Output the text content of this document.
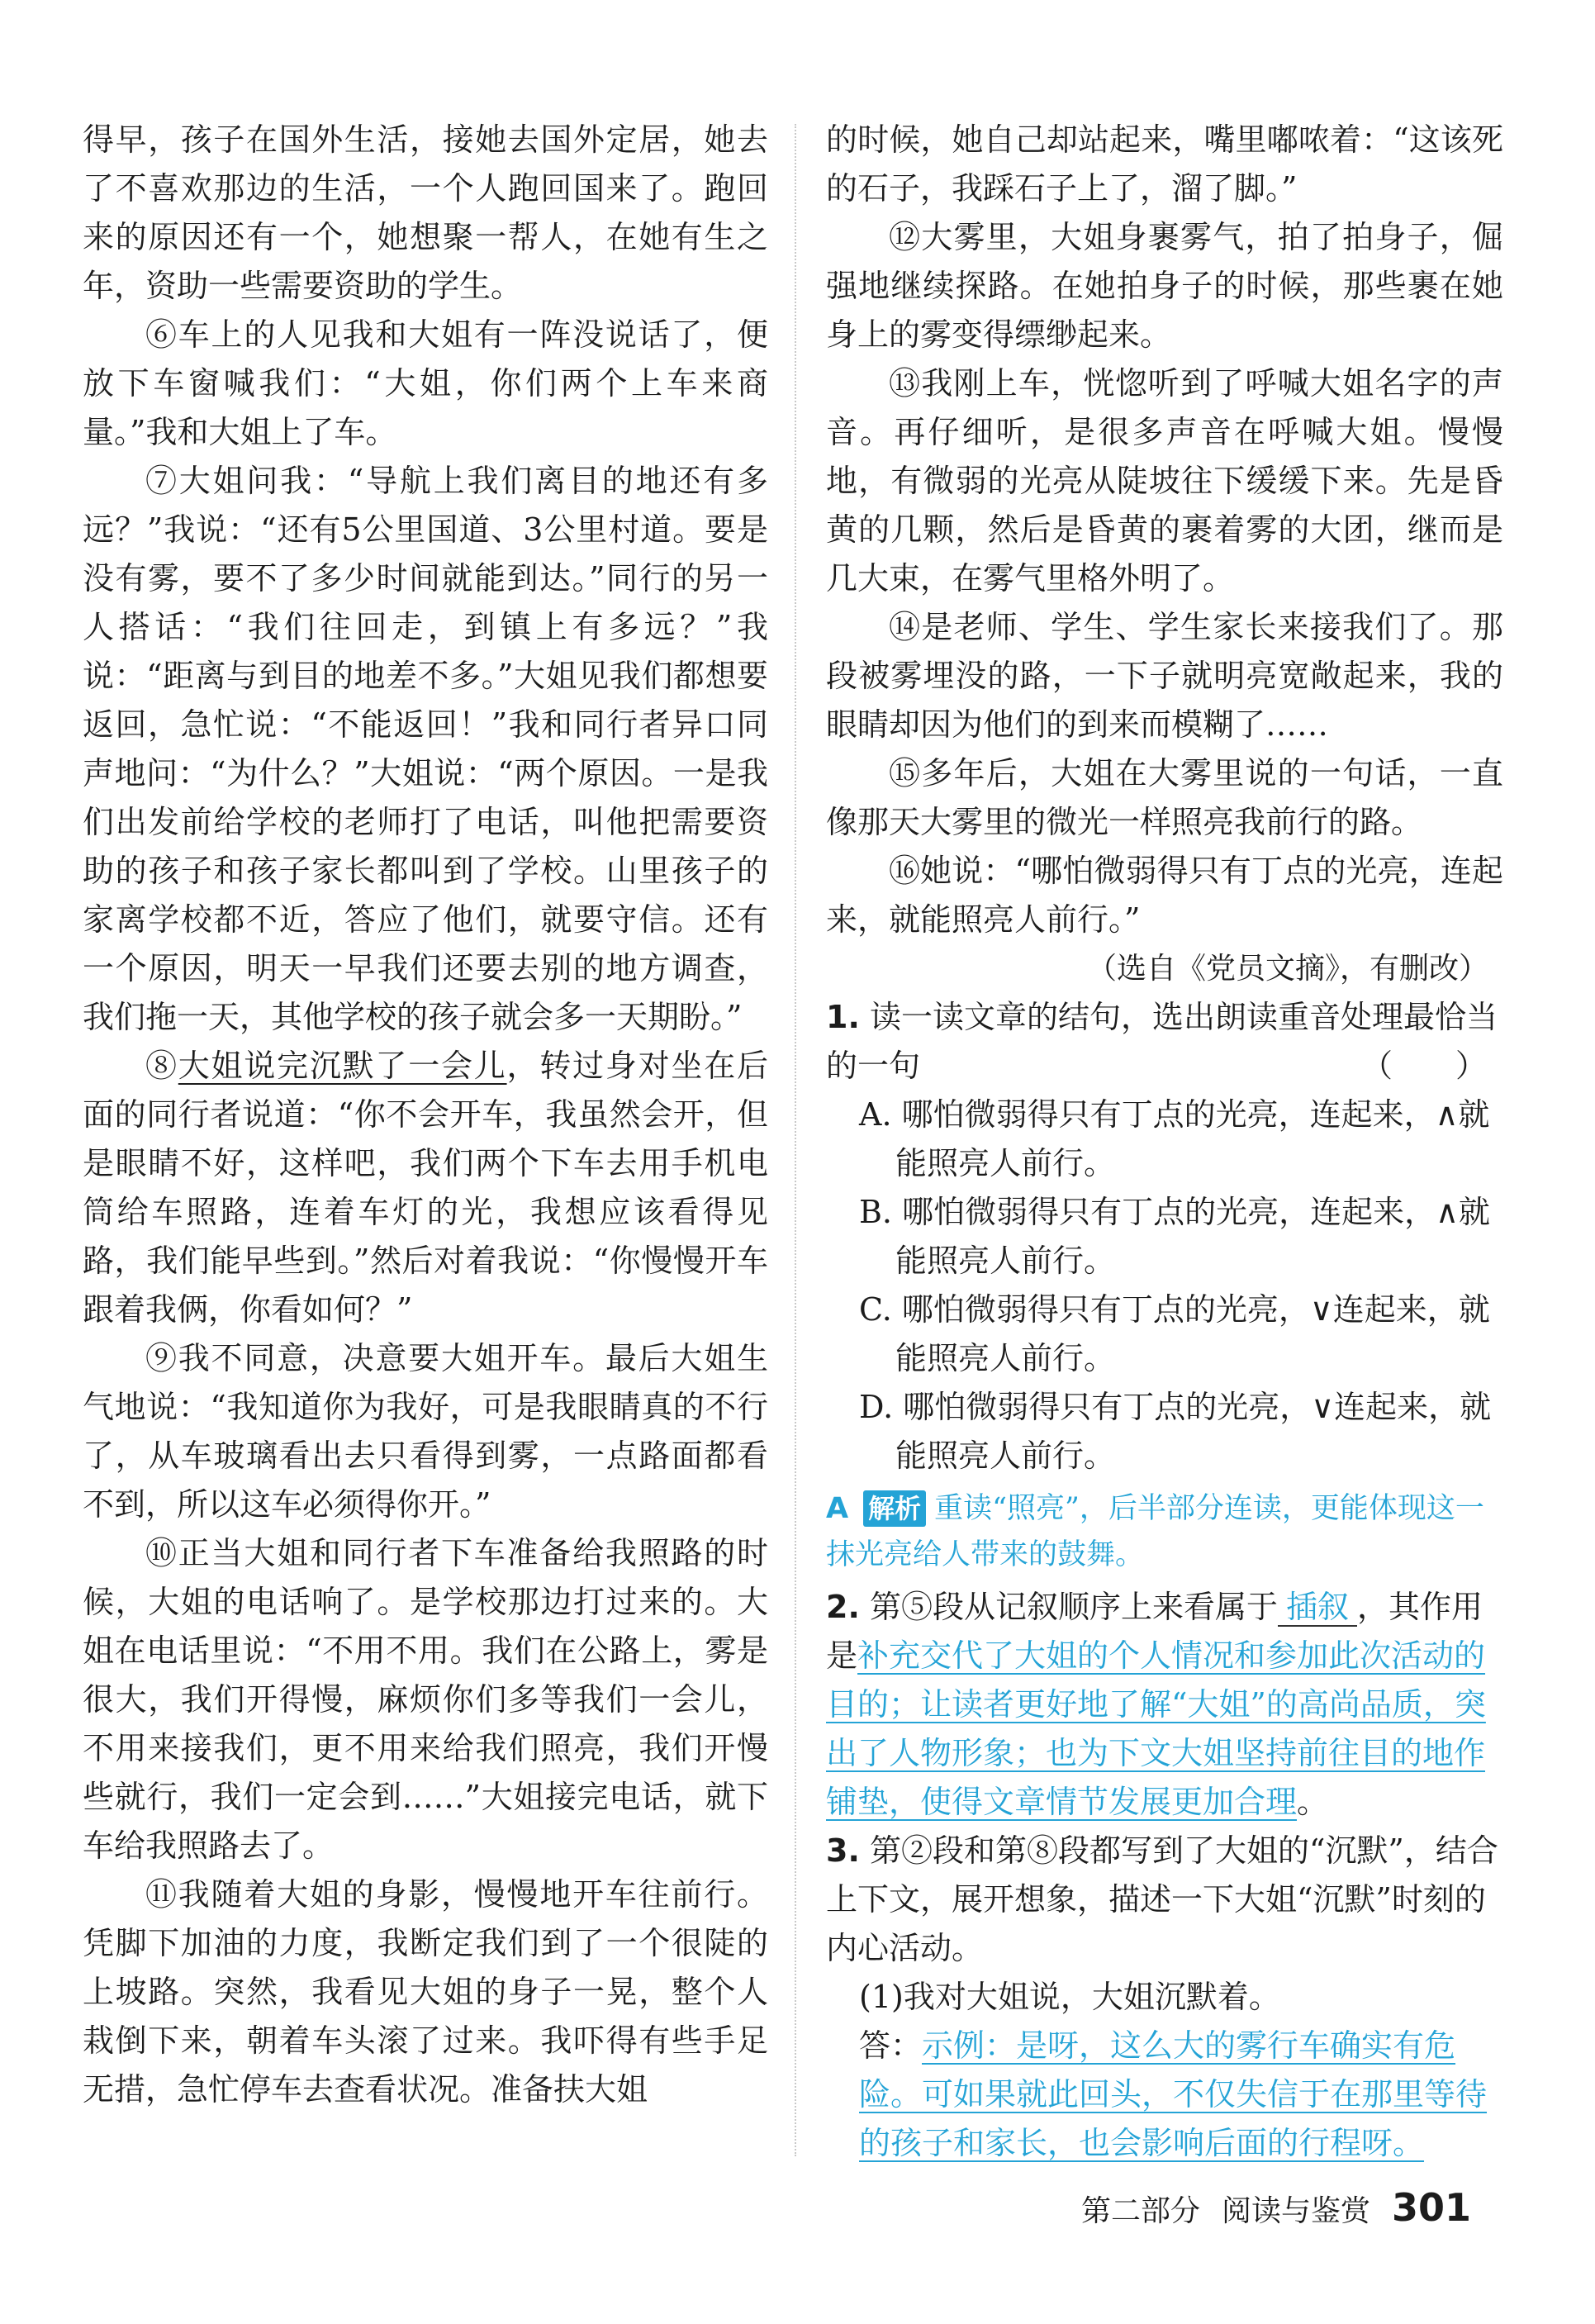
得早，孩子在国外生活，接她去国外定居，她去了不喜欢那边的生活，一个人跑回国来了。跑回来的原因还有一个，她想聚一帮人，在她有生之年，资助一些需要资助的学生。

⑥车上的人见我和大姐有一阵没说话了，便放下车窗喊我们：“大姐，你们两个上车来商量。”我和大姐上了车。

⑦大姐问我：“导航上我们离目的地还有多远？”我说：“还有5公里国道、3公里村道。要是没有雾，要不了多少时间就能到达。”同行的另一人搭话：“我们往回走，到镇上有多远？”我说：“距离与到目的地差不多。”大姐见我们都想要返回，急忙说：“不能返回！”我和同行者异口同声地问：“为什么？”大姐说：“两个原因。一是我们出发前给学校的老师打了电话，叫他把需要资助的孩子和孩子家长都叫到了学校。山里孩子的家离学校都不近，答应了他们，就要守信。还有一个原因，明天一早我们还要去别的地方调查，我们拖一天，其他学校的孩子就会多一天期盼。”

⑧大姐说完沉默了一会儿，转过身对坐在后面的同行者说道：“你不会开车，我虽然会开，但是眼睛不好，这样吧，我们两个下车去用手机电筒给车照路，连着车灯的光，我想应该看得见路，我们能早些到。”然后对着我说：“你慢慢开车跟着我俩，你看如何？”

⑨我不同意，决意要大姐开车。最后大姐生气地说：“我知道你为我好，可是我眼睛真的不行了，从车玻璃看出去只看得到雾，一点路面都看不到，所以这车必须得你开。”

⑩正当大姐和同行者下车准备给我照路的时候，大姐的电话响了。是学校那边打过来的。大姐在电话里说：“不用不用。我们在公路上，雾是很大，我们开得慢，麻烦你们多等我们一会儿，不用来接我们，更不用来给我们照亮，我们开慢些就行，我们一定会到……”大姐接完电话，就下车给我照路去了。

⑪我随着大姐的身影，慢慢地开车往前行。凭脚下加油的力度，我断定我们到了一个很陡的上坡路。突然，我看见大姐的身子一晃，整个人栽倒下来，朝着车头滚了过来。我吓得有些手足无措，急忙停车去查看状况。准备扶大姐

的时候，她自己却站起来，嘴里嘟哝着：“这该死的石子，我踩石子上了，溜了脚。”

⑫大雾里，大姐身裹雾气，拍了拍身子，倔强地继续探路。在她拍身子的时候，那些裹在她身上的雾变得缥缈起来。

⑬我刚上车，恍惚听到了呼喊大姐名字的声音。再仔细听，是很多声音在呼喊大姐。慢慢地，有微弱的光亮从陡坡往下缓缓下来。先是昏黄的几颗，然后是昏黄的裹着雾的大团，继而是几大束，在雾气里格外明了。

⑭是老师、学生、学生家长来接我们了。那段被雾埋没的路，一下子就明亮宽敞起来，我的眼睛却因为他们的到来而模糊了……

⑮多年后，大姐在大雾里说的一句话，一直像那天大雾里的微光一样照亮我前行的路。

⑯她说：“哪怕微弱得只有丁点的光亮，连起来，就能照亮人前行。”

（选自《党员文摘》，有删改）

1. 读一读文章的结句，选出朗读重音处理最恰当的一句	（　　）

A. 哪怕微弱得只有丁点的光亮，连起来，∧就

能照亮人前行。

B. 哪怕微弱得只有丁点的光亮，连起来，∧就

能照亮人前行。

C. 哪怕微弱得只有丁点的光亮，∨连起来，就

能照亮人前行。

D. 哪怕微弱得只有丁点的光亮，∨连起来，就

能照亮人前行。

A 解析 重读“照亮”，后半部分连读，更能体现这一抹光亮给人带来的鼓舞。

2. 第⑤段从记叙顺序上来看属于 插叙 ，其作用是补充交代了大姐的个人情况和参加此次活动的目的；让读者更好地了解“大姐”的高尚品质，突出了人物形象；也为下文大姐坚持前往目的地作铺垫，使得文章情节发展更加合理。

3. 第②段和第⑧段都写到了大姐的“沉默”，结合上下文，展开想象，描述一下大姐“沉默”时刻的内心活动。

(1)我对大姐说，大姐沉默着。

答：示例：是呀，这么大的雾行车确实有危险。可如果就此回头，不仅失信于在那里等待的孩子和家长，也会影响后面的行程呀。

第二部分 阅读与鉴赏 301
